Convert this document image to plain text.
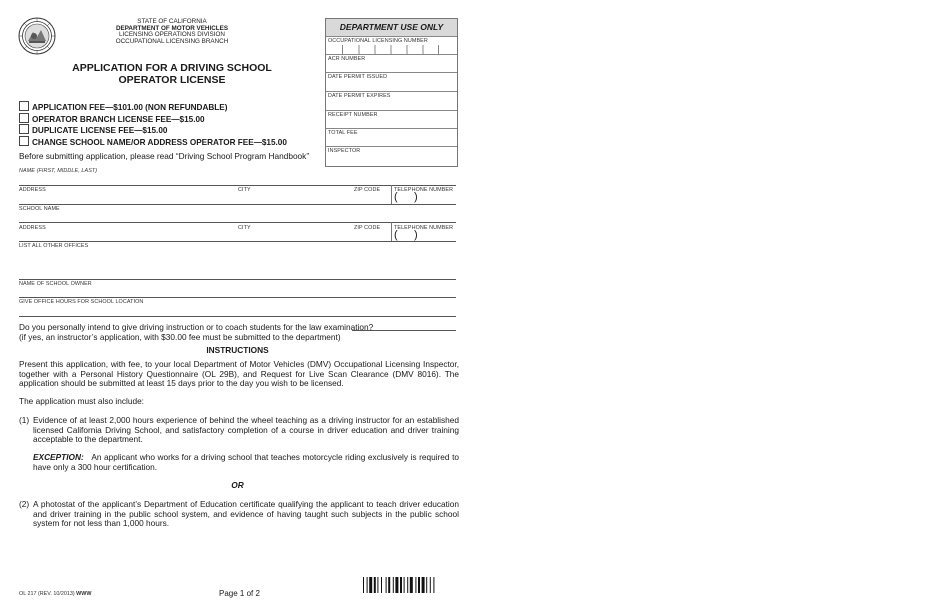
STATE OF CALIFORNIA
DEPARTMENT OF MOTOR VEHICLES
LICENSING OPERATIONS DIVISION
OCCUPATIONAL LICENSING BRANCH
APPLICATION FOR A DRIVING SCHOOL
OPERATOR LICENSE
APPLICATION FEE—$101.00 (NON REFUNDABLE)
OPERATOR BRANCH LICENSE FEE—$15.00
DUPLICATE LICENSE FEE—$15.00
CHANGE SCHOOL NAME/OR ADDRESS OPERATOR FEE—$15.00
Before submitting application, please read “Driving School Program Handbook”
DEPARTMENT USE ONLY
OCCUPATIONAL LICENSING NUMBER
ACR NUMBER
DATE PERMIT ISSUED
DATE PERMIT EXPIRES
RECEIPT NUMBER
TOTAL FEE
INSPECTOR
NAME (FIRST, MIDDLE, LAST)
ADDRESS	CITY	ZIP CODE	TELEPHONE NUMBER
( )
SCHOOL NAME
ADDRESS	CITY	ZIP CODE	TELEPHONE NUMBER
( )
LIST ALL OTHER OFFICES
NAME OF SCHOOL OWNER
GIVE OFFICE HOURS FOR SCHOOL LOCATION
Do you personally intend to give driving instruction or to coach students for the law examination?
(if yes, an instructor’s application, with $30.00 fee must be submitted to the department)
INSTRUCTIONS
Present this application, with fee, to your local Department of Motor Vehicles (DMV) Occupational Licensing Inspector, together with a Personal History Questionnaire (OL 29B), and Request for Live Scan Clearance (DMV 8016). The application should be submitted at least 15 days prior to the day you wish to be licensed.
The application must also include:
(1) Evidence of at least 2,000 hours experience of behind the wheel teaching as a driving instructor for an established licensed California Driving School, and satisfactory completion of a course in driver education and driver training acceptable to the department.
EXCEPTION: An applicant who works for a driving school that teaches motorcycle riding exclusively is required to have only a 300 hour certification.
OR
(2) A photostat of the applicant’s Department of Education certificate qualifying the applicant to teach driver education and driver training in the public school system, and evidence of having taught such subjects in the public school system for not less than 1,000 hours.
OL 217 (REV. 10/2013) WWW	Page 1 of 2
